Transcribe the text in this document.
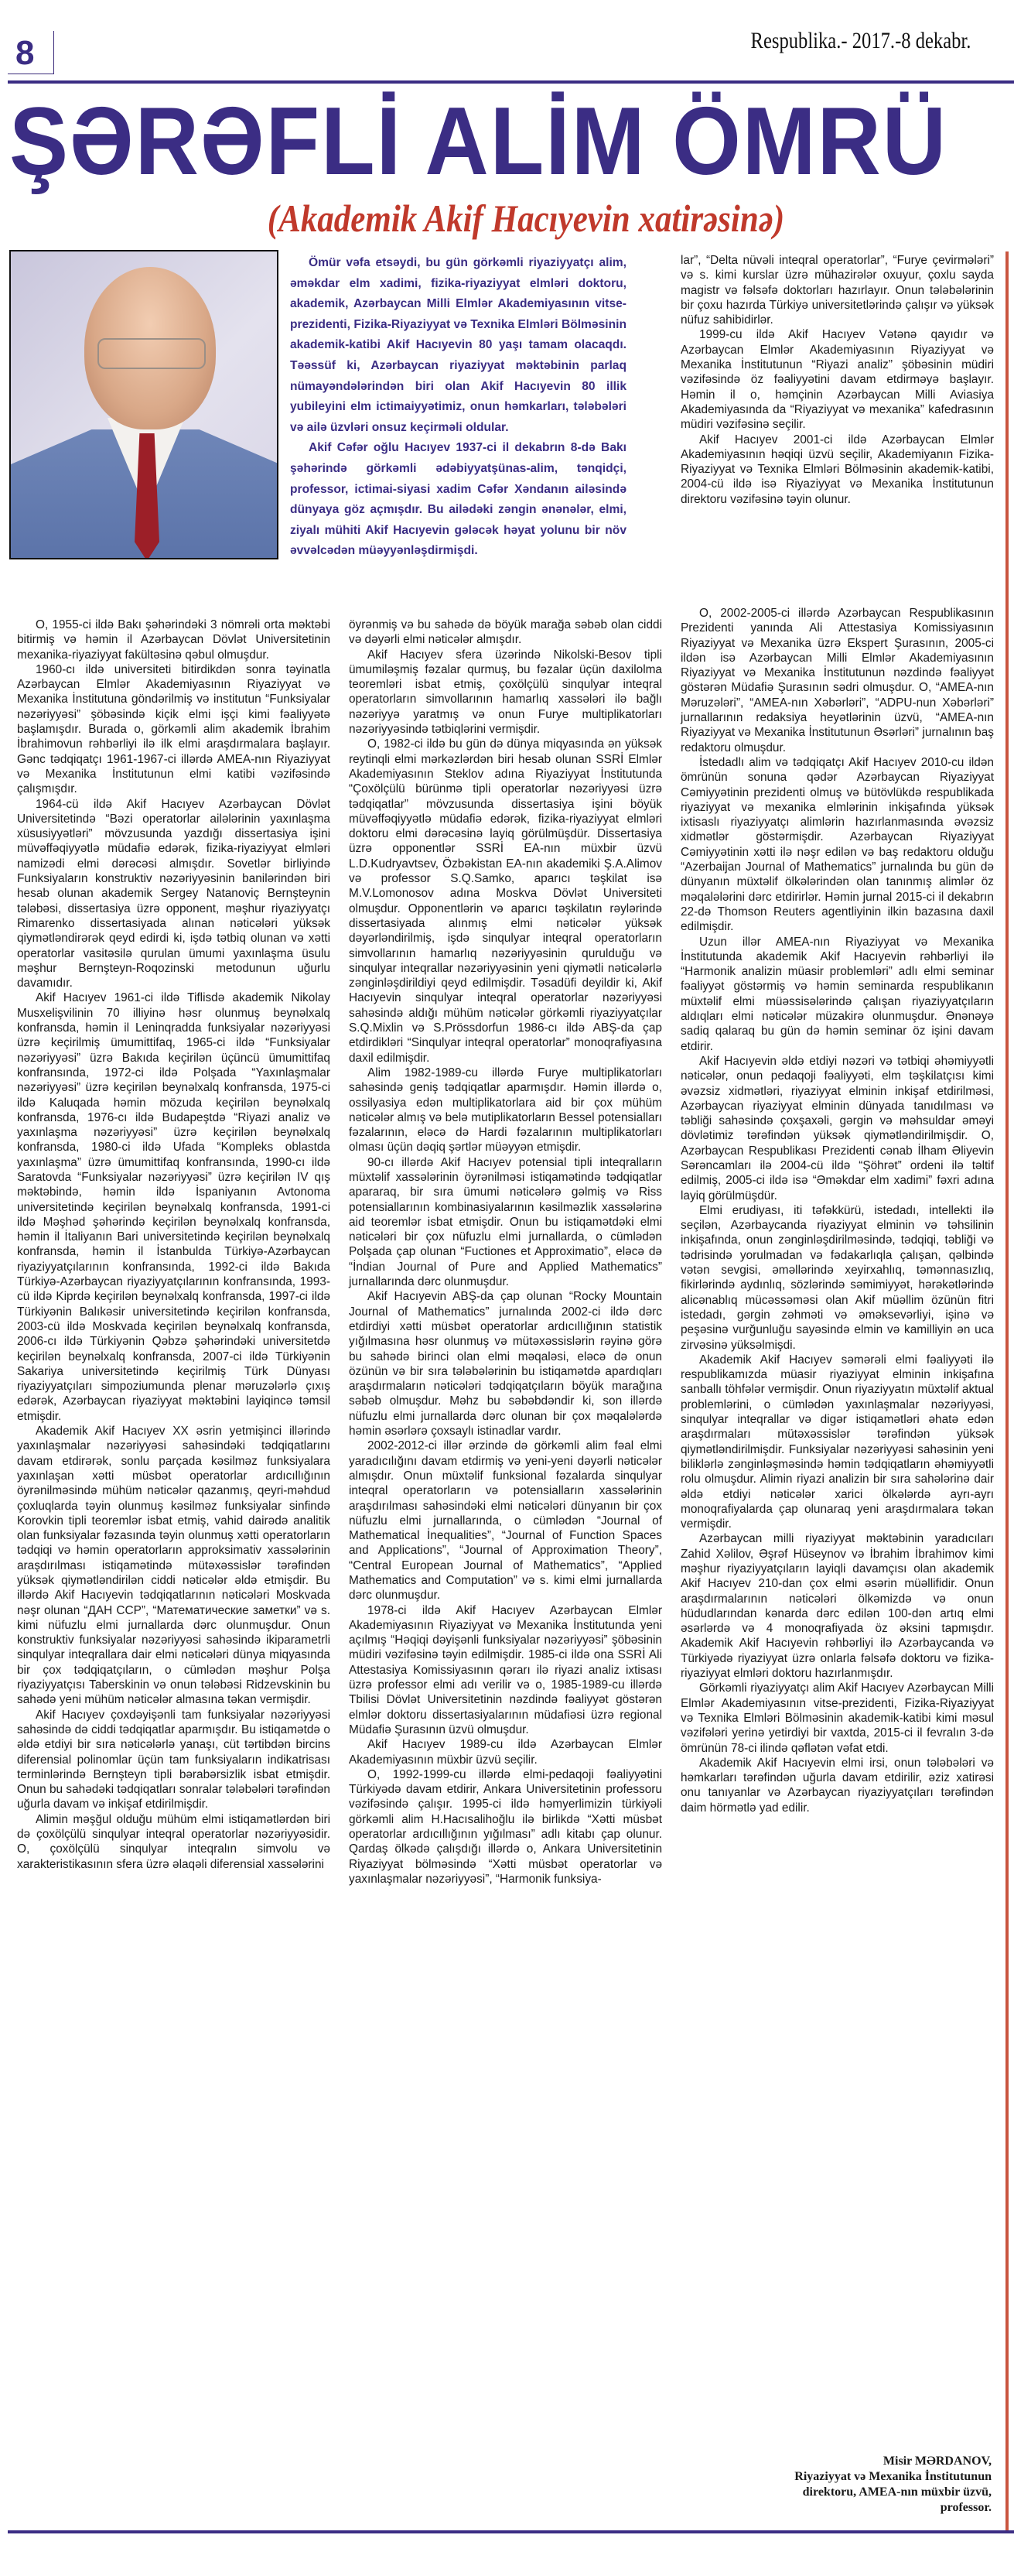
8	Respublika.- 2017.-8 dekabr.
ŞƏRƏFLİ ALİM ÖMRÜ
(Akademik Akif Hacıyevin xatirəsinə)

Ömür vəfa etsəydi, bu gün görkəmli riyaziyyatçı alim, əməkdar elm xadimi, fizika-riyaziyyat elmləri doktoru, akademik, Azərbaycan Milli Elmlər Akademiyasının vitse-prezidenti, Fizika-Riyaziyyat və Texnika Elmləri Bölməsinin akademik-katibi Akif Hacıyevin 80 yaşı tamam olacaqdı. Təəssüf ki, Azərbaycan riyaziyyat məktəbinin parlaq nümayəndələrindən biri olan Akif Hacıyevin 80 illik yubileyini elm ictimaiyyətimiz, onun həmkarları, tələbələri və ailə üzvləri onsuz keçirməli oldular.

Akif Cəfər oğlu Hacıyev 1937-ci il dekabrın 8-də Bakı şəhərində görkəmli ədəbiyyatşünas-alim, tənqidçi, professor, ictimai-siyasi xadim Cəfər Xəndanın ailəsində dünyaya göz açmışdır. Bu ailədəki zəngin ənənələr, elmi, ziyalı mühiti Akif Hacıyevin gələcək həyat yolunu bir növ əvvəlcədən müəyyənləşdirmişdi.

O, 1955-ci ildə Bakı şəhərindəki 3 nömrəli orta məktəbi bitirmiş və həmin il Azərbaycan Dövlət Universitetinin mexanika-riyaziyyat fakültəsinə qəbul olmuşdur.

1960-cı ildə universiteti bitirdikdən sonra təyinatla Azərbaycan Elmlər Akademiyasının Riyaziyyat və Mexanika İnstitutuna göndərilmiş və institutun “Funksiyalar nəzəriyyəsi” şöbəsində kiçik elmi işçi kimi fəaliyyətə başlamışdır. Burada o, görkəmli alim akademik İbrahim İbrahimovun rəhbərliyi ilə ilk elmi araşdırmalara başlayır. Gənc tədqiqatçı 1961-1967-ci illərdə AMEA-nın Riyaziyyat və Mexanika İnstitutunun elmi katibi vəzifəsində çalışmışdır.

1964-cü ildə Akif Hacıyev Azərbaycan Dövlət Universitetində “Bəzi operatorlar ailələrinin yaxınlaşma xüsusiyyətləri” mövzusunda yazdığı dissertasiya işini müvəffəqiyyətlə müdafiə edərək, fizika-riyaziyyat elmləri namizədi elmi dərəcəsi almışdır. Sovetlər birliyində Funksiyaların konstruktiv nəzəriyyəsinin banilərindən biri hesab olunan akademik Sergey Natanoviç Bernşteynin tələbəsi, dissertasiya üzrə opponent, məşhur riyaziyyatçı Rimarenko dissertasiyada alınan nəticələri yüksək qiymətləndirərək qeyd edirdi ki, işdə tətbiq olunan və xətti operatorlar vasitəsilə qurulan ümumi yaxınlaşma üsulu məşhur Bernşteyn-Roqozinski metodunun uğurlu davamıdır.

Akif Hacıyev 1961-ci ildə Tiflisdə akademik Nikolay Musxelişvilinin 70 illiyinə həsr olunmuş beynəlxalq konfransda, həmin il Leninqradda funksiyalar nəzəriyyəsi üzrə keçirilmiş ümumittifaq, 1965-ci ildə “Funksiyalar nəzəriyyəsi” üzrə Bakıda keçirilən üçüncü ümumittifaq konfransında, 1972-ci ildə Polşada “Yaxınlaşmalar nəzəriyyəsi” üzrə keçirilən beynəlxalq konfransda, 1975-ci ildə Kaluqada həmin mözuda keçirilən beynəlxalq konfransda, 1976-cı ildə Budapeştdə “Riyazi analiz və yaxınlaşma nəzəriyyəsi” üzrə keçirilən beynəlxalq konfransda, 1980-ci ildə Ufada “Kompleks oblastda yaxınlaşma” üzrə ümumittifaq konfransında, 1990-cı ildə Saratovda “Funksiyalar nəzəriyyəsi” üzrə keçirilən IV qış məktəbində, həmin ildə İspaniyanın Avtonoma universitetində keçirilən beynəlxalq konfransda, 1991-ci ildə Məşhəd şəhərində keçirilən beynəlxalq konfransda, həmin il İtaliyanın Bari universitetində keçirilən beynəlxalq konfransda, həmin il İstanbulda Türkiyə-Azərbaycan riyaziyyatçılarının konfransında, 1992-ci ildə Bakıda Türkiyə-Azərbaycan riyaziyyatçılarının konfransında, 1993-cü ildə Kiprdə keçirilən beynəlxalq konfransda, 1997-ci ildə Türkiyənin Balıkəsir universitetində keçirilən konfransda, 2003-cü ildə Moskvada keçirilən beynəlxalq konfransda, 2006-cı ildə Türkiyənin Qəbzə şəhərindəki universitetdə keçirilən beynəlxalq konfransda, 2007-ci ildə Türkiyənin Sakariya universitetində keçirilmiş Türk Dünyası riyaziyyatçıları simpoziumunda plenar məruzələrlə çıxış edərək, Azərbaycan riyaziyyat məktəbini layiqincə təmsil etmişdir.

Akademik Akif Hacıyev XX əsrin yetmişinci illərində yaxınlaşmalar nəzəriyyəsi sahəsindəki tədqiqatlarını davam etdirərək, sonlu parçada kəsilməz funksiyalara yaxınlaşan xətti müsbət operatorlar ardıcıllığının öyrənilməsində mühüm nəticələr qazanmış, qeyri-məhdud çoxluqlarda təyin olunmuş kəsilməz funksiyalar sinfində Korovkin tipli teoremlər isbat etmiş, vahid dairədə analitik olan funksiyalar fəzasında təyin olunmuş xətti operatorların tədqiqi və həmin operatorların approksimativ xassələrinin araşdırılması istiqamətində mütəxəssislər tərəfindən yüksək qiymətləndirilən ciddi nəticələr əldə etmişdir. Bu illərdə Akif Hacıyevin tədqiqatlarının nəticələri Moskvada nəşr olunan “ДАН ССР”, “Математические заметки” və s. kimi nüfuzlu elmi jurnallarda dərc olunmuşdur. Onun konstruktiv funksiyalar nəzəriyyəsi sahəsində ikiparametrli sinqulyar inteqrallara dair elmi nəticələri dünya miqyasında bir çox tədqiqatçıların, o cümlədən məşhur Polşa riyaziyyatçısı Taberskinin və onun tələbəsi Ridzevskinin bu sahədə yeni mühüm nəticələr almasına təkan vermişdir.

Akif Hacıyev çoxdəyişənli tam funksiyalar nəzəriyyəsi sahəsində də ciddi tədqiqatlar aparmışdır. Bu istiqamətdə o əldə etdiyi bir sıra nəticələrlə yanaşı, cüt tərtibdən bircins diferensial polinomlar üçün tam funksiyaların indikatrisası terminlərində Bernşteyn tipli bərabərsizlik isbat etmişdir. Onun bu sahədəki tədqiqatları sonralar tələbələri tərəfindən uğurla davam və inkişaf etdirilmişdir.

Alimin məşğul olduğu mühüm elmi istiqamətlərdən biri də çoxölçülü sinqulyar inteqral operatorlar nəzəriyyəsidir. O, çoxölçülü sinqulyar inteqralın simvolu və xarakteristikasının sfera üzrə əlaqəli diferensial xassələrini

öyrənmiş və bu sahədə də böyük marağa səbəb olan ciddi və dəyərli elmi nəticələr almışdır.

Akif Hacıyev sfera üzərində Nikolski-Besov tipli ümumiləşmiş fəzalar qurmuş, bu fəzalar üçün daxilolma teoremləri isbat etmiş, çoxölçülü sinqulyar inteqral operatorların simvollarının hamarlıq xassələri ilə bağlı nəzəriyyə yaratmış və onun Furye multiplikatorları nəzəriyyəsində tətbiqlərini vermişdir.

O, 1982-ci ildə bu gün də dünya miqyasında ən yüksək reytinqli elmi mərkəzlərdən biri hesab olunan SSRİ Elmlər Akademiyasının Steklov adına Riyaziyyat İnstitutunda “Çoxölçülü bürünmə tipli operatorlar nəzəriyyəsi üzrə tədqiqatlar” mövzusunda dissertasiya işini böyük müvəffəqiyyətlə müdafiə edərək, fizika-riyaziyyat elmləri doktoru elmi dərəcəsinə layiq görülmüşdür. Dissertasiya üzrə opponentlər SSRİ EA-nın müxbir üzvü L.D.Kudryavtsev, Özbəkistan EA-nın akademiki Ş.A.Alimov və professor S.Q.Samko, aparıcı təşkilat isə M.V.Lomonosov adına Moskva Dövlət Universiteti olmuşdur. Opponentlərin və aparıcı təşkilatın rəylərində dissertasiyada alınmış elmi nəticələr yüksək dəyərləndirilmiş, işdə sinqulyar inteqral operatorların simvollarının hamarlıq nəzəriyyəsinin qurulduğu və sinqulyar inteqrallar nəzəriyyəsinin yeni qiymətli nəticələrlə zənginləşdirildiyi qeyd edilmişdir. Təsadüfi deyildir ki, Akif Hacıyevin sinqulyar inteqral operatorlar nəzəriyyəsi sahəsində aldığı mühüm nəticələr görkəmli riyaziyyatçılar S.Q.Mixlin və S.Prössdorfun 1986-cı ildə ABŞ-da çap etdirdikləri “Sinqulyar inteqral operatorlar” monoqrafiyasına daxil edilmişdir.

Alim 1982-1989-cu illərdə Furye multiplikatorları sahəsində geniş tədqiqatlar aparmışdır. Həmin illərdə o, ossilyasiya edən multiplikatorlara aid bir çox mühüm nəticələr almış və belə mutiplikatorların Bessel potensialları fəzalarının, eləcə də Hardi fəzalarının multiplikatorları olması üçün dəqiq şərtlər müəyyən etmişdir.

90-cı illərdə Akif Hacıyev potensial tipli inteqralların müxtəlif xassələrinin öyrənilməsi istiqamətində tədqiqatlar apararaq, bir sıra ümumi nəticələrə gəlmiş və Riss potensiallarının kombinasiyalarının kəsilməzlik xassələrinə aid teoremlər isbat etmişdir. Onun bu istiqamətdəki elmi nəticələri bir çox nüfuzlu elmi jurnallarda, o cümlədən Polşada çap olunan “Fuctiones et Approximatio”, eləcə də “İndian Journal of Pure and Applied Mathematics” jurnallarında dərc olunmuşdur.

Akif Hacıyevin ABŞ-da çap olunan “Rocky Mountain Journal of Mathematics” jurnalında 2002-ci ildə dərc etdirdiyi xətti müsbət operatorlar ardıcıllığının statistik yığılmasına həsr olunmuş və mütəxəssislərin rəyinə görə bu sahədə birinci olan elmi məqaləsi, eləcə də onun özünün və bir sıra tələbələrinin bu istiqamətdə apardıqları araşdırmaların nəticələri tədqiqatçıların böyük marağına səbəb olmuşdur. Məhz bu səbəbdəndir ki, son illərdə nüfuzlu elmi jurnallarda dərc olunan bir çox məqalələrdə həmin əsərlərə çoxsaylı istinadlar vardır.

2002-2012-ci illər ərzində də görkəmli alim fəal elmi yaradıcılığını davam etdirmiş və yeni-yeni dəyərli nəticələr almışdır. Onun müxtəlif funksional fəzalarda sinqulyar inteqral operatorların və potensialların xassələrinin araşdırılması sahəsindəki elmi nəticələri dünyanın bir çox nüfuzlu elmi jurnallarında, o cümlədən “Journal of Mathematical İnequalities”, “Journal of Function Spaces and Applications”, “Journal of Approximation Theory”, “Central European Journal of Mathematics”, “Applied Mathematics and Computation” və s. kimi elmi jurnallarda dərc olunmuşdur.

1978-ci ildə Akif Hacıyev Azərbaycan Elmlər Akademiyasının Riyaziyyat və Mexanika İnstitutunda yeni açılmış “Həqiqi dəyişənli funksiyalar nəzəriyyəsi” şöbəsinin müdiri vəzifəsinə təyin edilmişdir. 1985-ci ildə ona SSRİ Ali Attestasiya Komissiyasının qərarı ilə riyazi analiz ixtisası üzrə professor elmi adı verilir və o, 1985-1989-cu illərdə Tbilisi Dövlət Universitetinin nəzdində fəaliyyət göstərən elmlər doktoru dissertasiyalarının müdafiəsi üzrə regional Müdafiə Şurasının üzvü olmuşdur.

Akif Hacıyev 1989-cu ildə Azərbaycan Elmlər Akademiyasının müxbir üzvü seçilir.

O, 1992-1999-cu illərdə elmi-pedaqoji fəaliyyətini Türkiyədə davam etdirir, Ankara Universitetinin professoru vəzifəsində çalışır. 1995-ci ildə həmyerlimizin türkiyəli görkəmli alim H.Hacısalihoğlu ilə birlikdə “Xətti müsbət operatorlar ardıcıllığının yığılması” adlı kitabı çap olunur. Qardaş ölkədə çalışdığı illərdə o, Ankara Universitetinin Riyaziyyat bölməsində “Xətti müsbət operatorlar və yaxınlaşmalar nəzəriyyəsi”, “Harmonik funksiya-

lar”, “Delta nüvəli inteqral operatorlar”, “Furye çevirmələri” və s. kimi kurslar üzrə mühazirələr oxuyur, çoxlu sayda magistr və fəlsəfə doktorları hazırlayır. Onun tələbələrinin bir çoxu hazırda Türkiyə universitetlərində çalışır və yüksək nüfuz sahibidirlər.

1999-cu ildə Akif Hacıyev Vətənə qayıdır və Azərbaycan Elmlər Akademiyasının Riyaziyyat və Mexanika İnstitutunun “Riyazi analiz” şöbəsinin müdiri vəzifəsində öz fəaliyyətini davam etdirməyə başlayır. Həmin il o, həmçinin Azərbaycan Milli Aviasiya Akademiyasında da “Riyaziyyat və mexanika” kafedrasının müdiri vəzifəsinə seçilir.

Akif Hacıyev 2001-ci ildə Azərbaycan Elmlər Akademiyasının həqiqi üzvü seçilir, Akademiyanın Fizika-Riyaziyyat və Texnika Elmləri Bölməsinin akademik-katibi, 2004-cü ildə isə Riyaziyyat və Mexanika İnstitutunun direktoru vəzifəsinə təyin olunur.

O, 2002-2005-ci illərdə Azərbaycan Respublikasının Prezidenti yanında Ali Attestasiya Komissiyasının Riyaziyyat və Mexanika üzrə Ekspert Şurasının, 2005-ci ildən isə Azərbaycan Milli Elmlər Akademiyasının Riyaziyyat və Mexanika İnstitutunun nəzdində fəaliyyət göstərən Müdafiə Şurasının sədri olmuşdur. O, “AMEA-nın Məruzələri”, “AMEA-nın Xəbərləri”, “ADPU-nun Xəbərləri” jurnallarının redaksiya heyətlərinin üzvü, “AMEA-nın Riyaziyyat və Mexanika İnstitutunun Əsərləri” jurnalının baş redaktoru olmuşdur.

İstedadlı alim və tədqiqatçı Akif Hacıyev 2010-cu ildən ömrünün sonuna qədər Azərbaycan Riyaziyyat Cəmiyyətinin prezidenti olmuş və bütövlükdə respublikada riyaziyyat və mexanika elmlərinin inkişafında yüksək ixtisaslı riyaziyyatçı alimlərin hazırlanmasında əvəzsiz xidmətlər göstərmişdir. Azərbaycan Riyaziyyat Cəmiyyətinin xətti ilə nəşr edilən və baş redaktoru olduğu “Azerbaijan Journal of Mathematics” jurnalında bu gün də dünyanın müxtəlif ölkələrindən olan tanınmış alimlər öz məqalələrini dərc etdirirlər. Həmin jurnal 2015-ci il dekabrın 22-də Thomson Reuters agentliyinin ilkin bazasına daxil edilmişdir.

Uzun illər AMEA-nın Riyaziyyat və Mexanika İnstitutunda akademik Akif Hacıyevin rəhbərliyi ilə “Harmonik analizin müasir problemləri” adlı elmi seminar fəaliyyət göstərmiş və həmin seminarda respublikanın müxtəlif elmi müəssisələrində çalışan riyaziyyatçıların aldıqları elmi nəticələr müzakirə olunmuşdur. Ənənəyə sadiq qalaraq bu gün də həmin seminar öz işini davam etdirir.

Akif Hacıyevin əldə etdiyi nəzəri və tətbiqi əhəmiyyətli nəticələr, onun pedaqoji fəaliyyəti, elm təşkilatçısı kimi əvəzsiz xidmətləri, riyaziyyat elminin inkişaf etdirilməsi, Azərbaycan riyaziyyat elminin dünyada tanıdılması və təbliği sahəsində çoxşaxəli, gərgin və məhsuldar əməyi dövlətimiz tərəfindən yüksək qiymətləndirilmişdir. O, Azərbaycan Respublikası Prezidenti cənab İlham Əliyevin Sərəncamları ilə 2004-cü ildə “Şöhrət” ordeni ilə təltif edilmiş, 2005-ci ildə isə “Əməkdar elm xadimi” fəxri adına layiq görülmüşdür.

Elmi erudiyası, iti təfəkkürü, istedadı, intellekti ilə seçilən, Azərbaycanda riyaziyyat elminin və təhsilinin inkişafında, onun zənginləşdirilməsində, tədqiqi, təbliği və tədrisində yorulmadan və fədakarlıqla çalışan, qəlbində vətən sevgisi, əməllərində xeyirxahlıq, təmənnasızlıq, fikirlərində aydınlıq, sözlərində səmimiyyət, hərəkətlərində alicənablıq mücəssəməsi olan Akif müəllim özünün fitri istedadı, gərgin zəhməti və əməksevərliyi, işinə və peşəsinə vurğunluğu sayəsində elmin və kamilliyin ən uca zirvəsinə yüksəlmişdi.

Akademik Akif Hacıyev səmərəli elmi fəaliyyəti ilə respublikamızda müasir riyaziyyat elminin inkişafına sanballı töhfələr vermişdir. Onun riyaziyyatın müxtəlif aktual problemlərini, o cümlədən yaxınlaşmalar nəzəriyyəsi, sinqulyar inteqrallar və digər istiqamətləri əhatə edən araşdırmaları mütəxəssislər tərəfindən yüksək qiymətləndirilmişdir. Funksiyalar nəzəriyyəsi sahəsinin yeni biliklərlə zənginləşməsində həmin tədqiqatların əhəmiyyətli rolu olmuşdur. Alimin riyazi analizin bir sıra sahələrinə dair əldə etdiyi nəticələr xarici ölkələrdə ayrı-ayrı monoqrafiyalarda çap olunaraq yeni araşdırmalara təkan vermişdir.

Azərbaycan milli riyaziyyat məktəbinin yaradıcıları Zahid Xəlilov, Əşrəf Hüseynov və İbrahim İbrahimov kimi məşhur riyaziyyatçıların layiqli davamçısı olan akademik Akif Hacıyev 210-dan çox elmi əsərin müəllifidir. Onun araşdırmalarının nəticələri ölkəmizdə və onun hüdudlarından kənarda dərc edilən 100-dən artıq elmi əsərlərdə və 4 monoqrafiyada öz əksini tapmışdır. Akademik Akif Hacıyevin rəhbərliyi ilə Azərbaycanda və Türkiyədə riyaziyyat üzrə onlarla fəlsəfə doktoru və fizika-riyaziyyat elmləri doktoru hazırlanmışdır.

Görkəmli riyaziyyatçı alim Akif Hacıyev Azərbaycan Milli Elmlər Akademiyasının vitse-prezidenti, Fizika-Riyaziyyat və Texnika Elmləri Bölməsinin akademik-katibi kimi məsul vəzifələri yerinə yetirdiyi bir vaxtda, 2015-ci il fevralın 3-də ömrünün 78-ci ilində qəflətən vəfat etdi.

Akademik Akif Hacıyevin elmi irsi, onun tələbələri və həmkarları tərəfindən uğurla davam etdirilir, əziz xatirəsi onu tanıyanlar və Azərbaycan riyaziyyatçıları tərəfindən daim hörmətlə yad edilir.

Misir MƏRDANOV,
Riyaziyyat və Mexanika İnstitutunun
direktoru, AMEA-nın müxbir üzvü,
professor.
